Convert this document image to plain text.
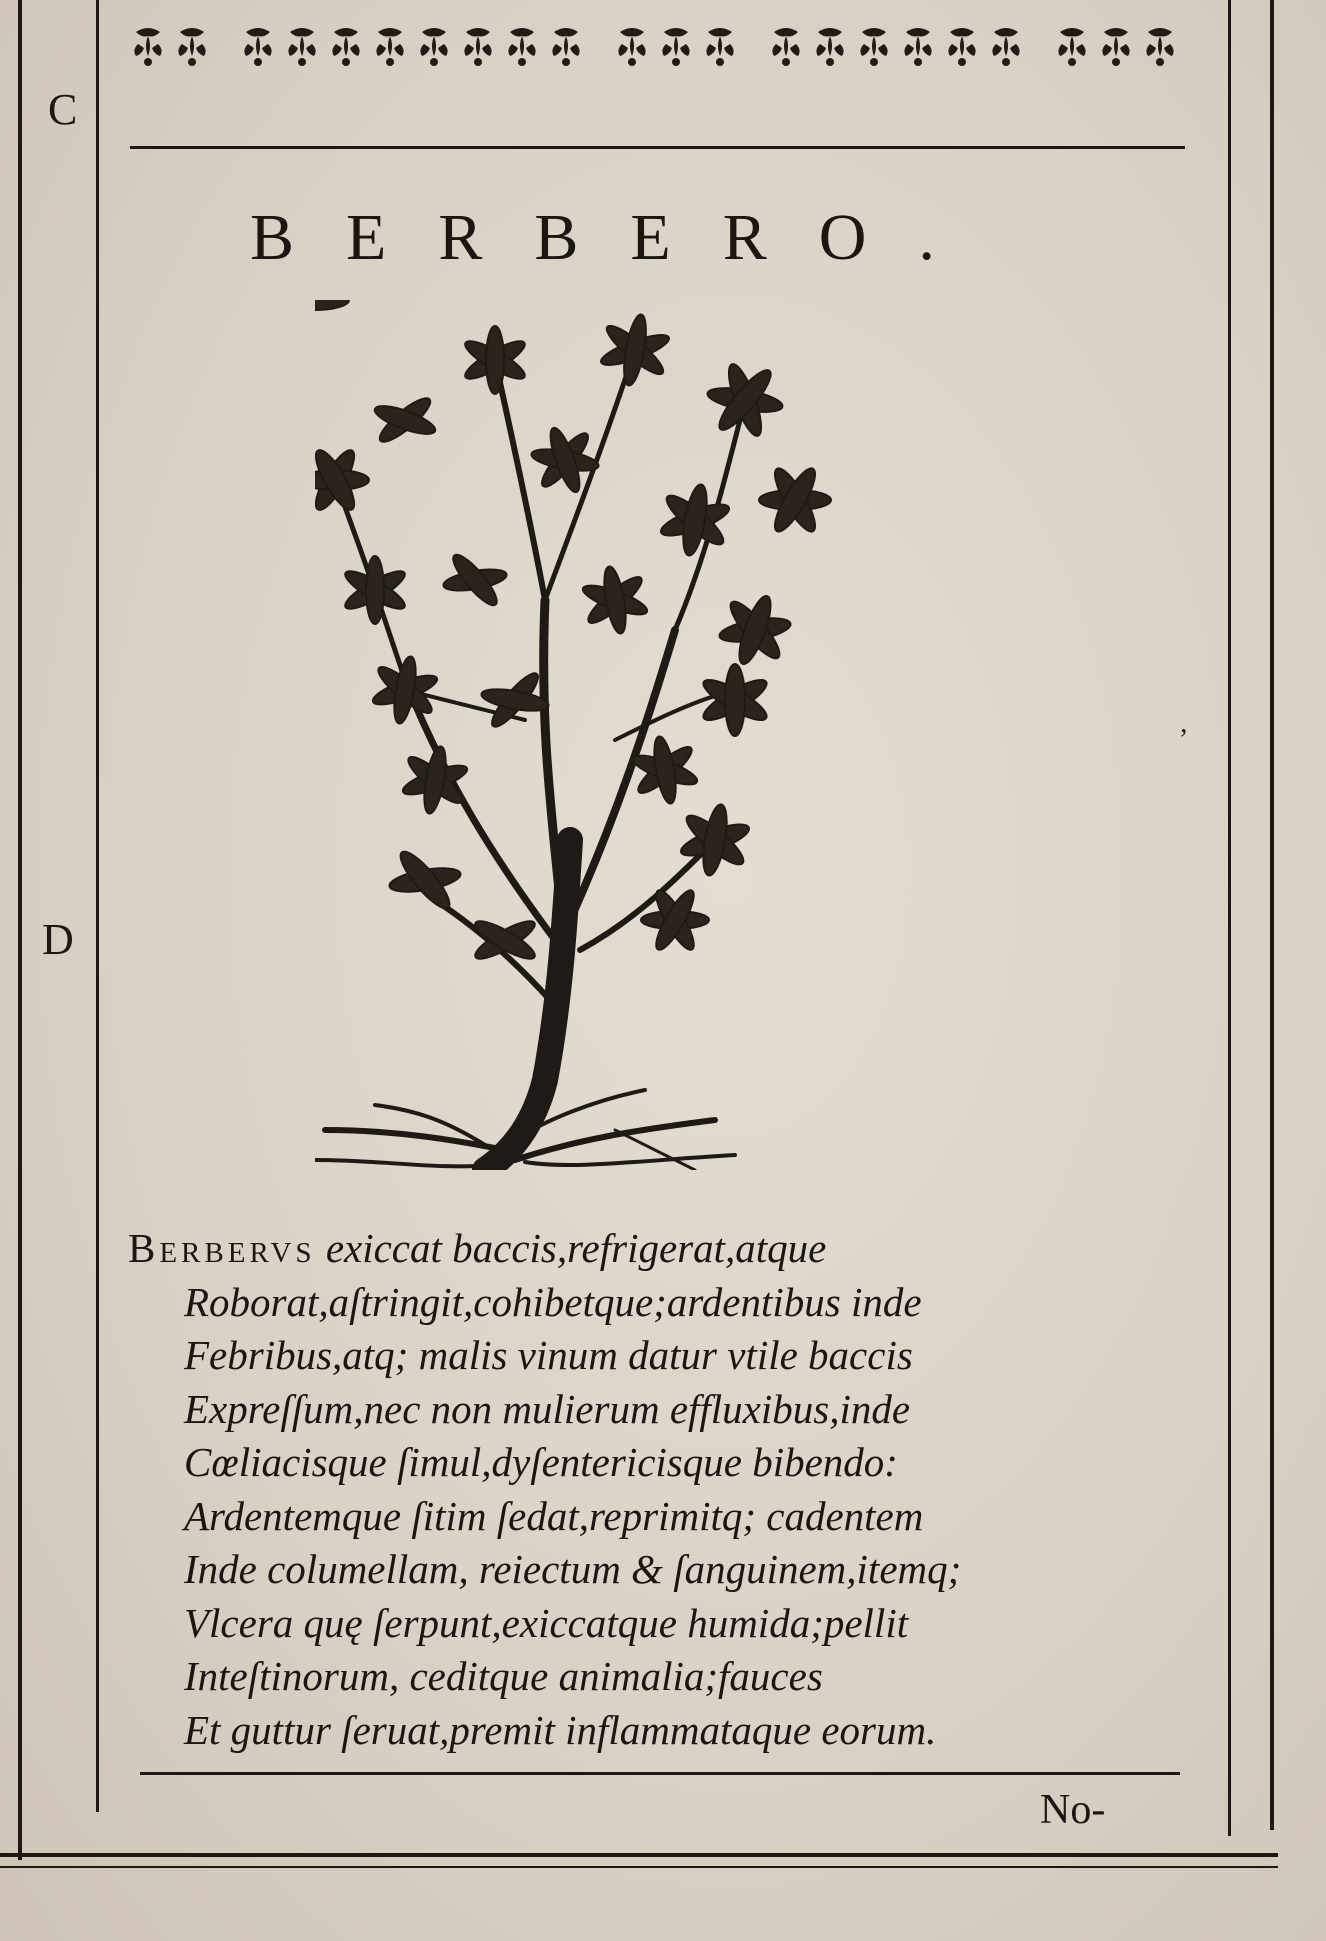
C
D
BERBERO.
,
Berbervs exiccat baccis,refrigerat,atque
Roborat,aſtringit,cohibetque;ardentibus inde
Febribus,atq; malis vinum datur vtile baccis
Expreſſum,nec non mulierum effluxibus,inde
Cœliacisque ſimul,dyſentericisque bibendo:
Ardentemque ſitim ſedat,reprimitq; cadentem
Inde columellam, reiectum & ſanguinem,itemq;
Vlcera quę ſerpunt,exiccatque humida;pellit
Inteſtinorum, ceditque animalia;fauces
Et guttur ſeruat,premit inflammataque eorum.
No-
